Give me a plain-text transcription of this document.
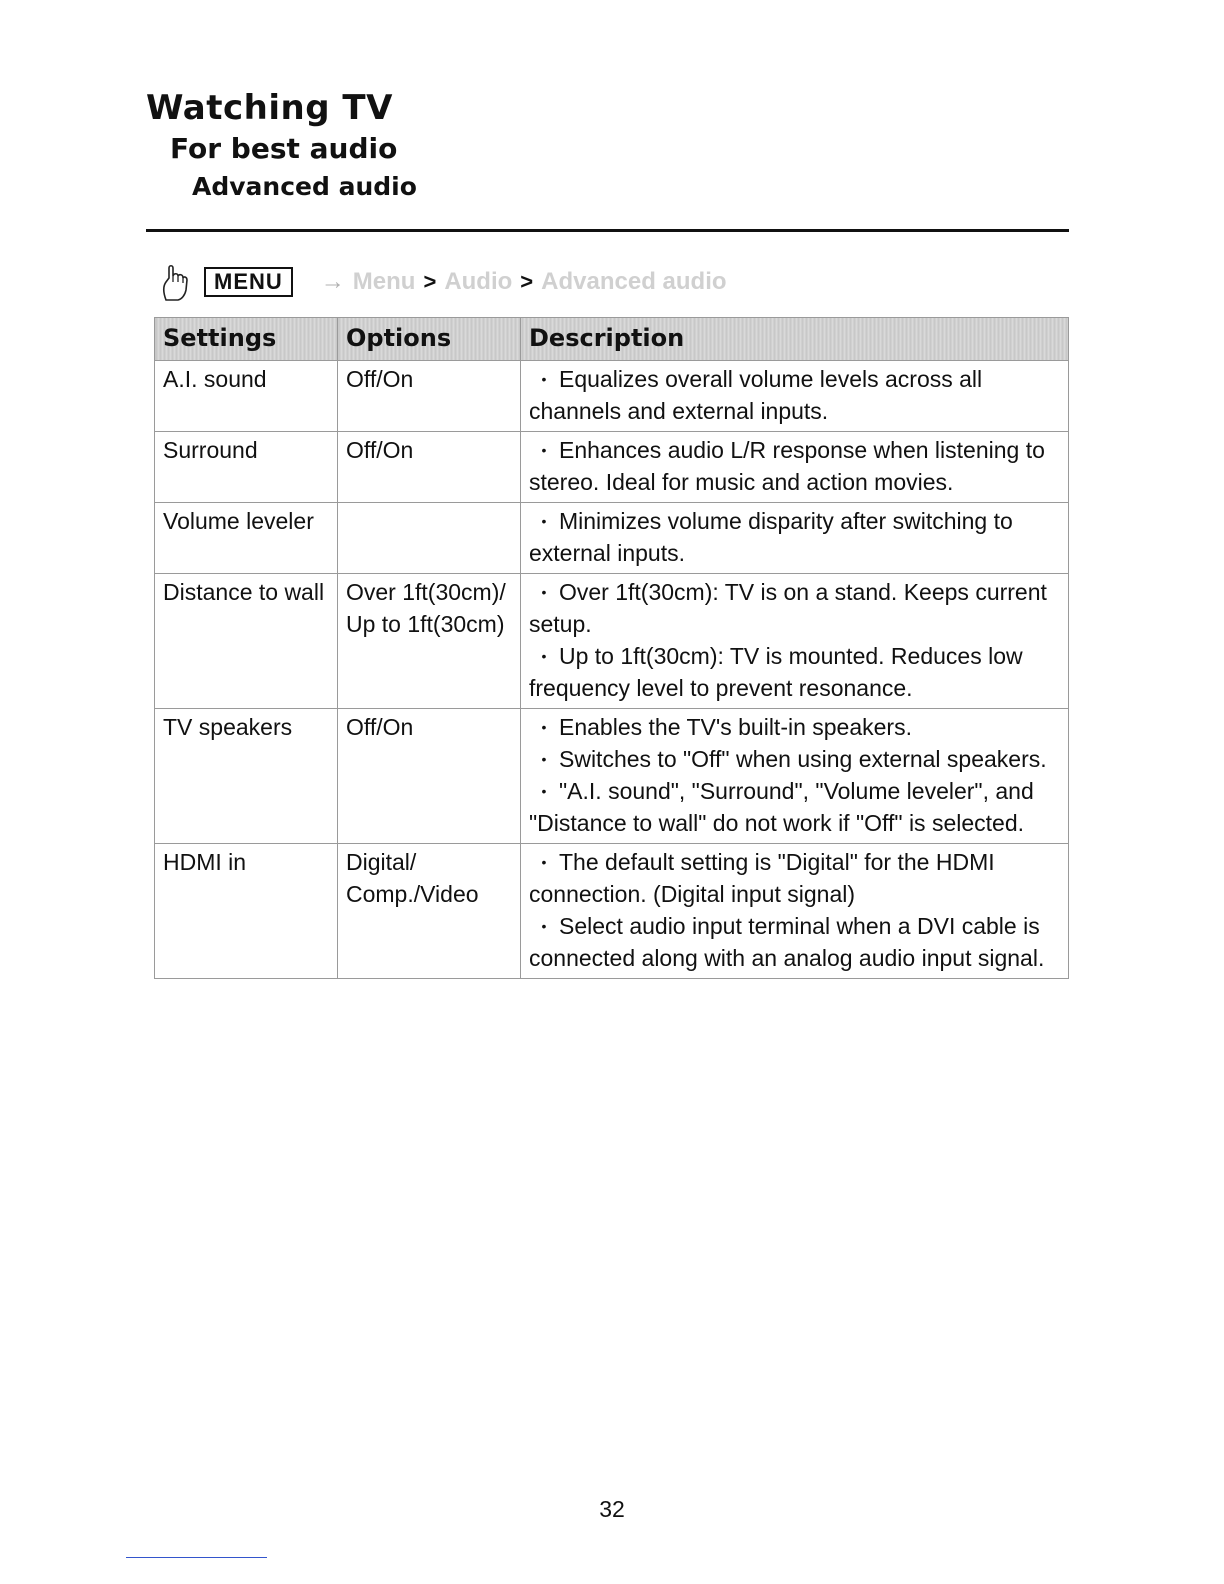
Watching TV
For best audio
Advanced audio
MENU	→ Menu > Audio > Advanced audio
Settings	Options	Description
A.I. sound	Off/On	• Equalizes overall volume levels across all channels and external inputs.

Surround	Off/On	• Enhances audio L/R response when listening to stereo. Ideal for music and action movies.

Volume leveler		• Minimizes volume disparity after switching to external inputs.

Distance to wall	Over 1ft(30cm)/ Up to 1ft(30cm)	• Over 1ft(30cm): TV is on a stand. Keeps current setup.
• Up to 1ft(30cm): TV is mounted. Reduces low frequency level to prevent resonance.

TV speakers	Off/On	• Enables the TV's built-in speakers.
• Switches to "Off" when using external speakers.
• "A.I. sound", "Surround", "Volume leveler", and "Distance to wall" do not work if "Off" is selected.

HDMI in	Digital/ Comp./Video	• The default setting is "Digital" for the HDMI connection. (Digital input signal)
• Select audio input terminal when a DVI cable is connected along with an analog audio input signal.
32
